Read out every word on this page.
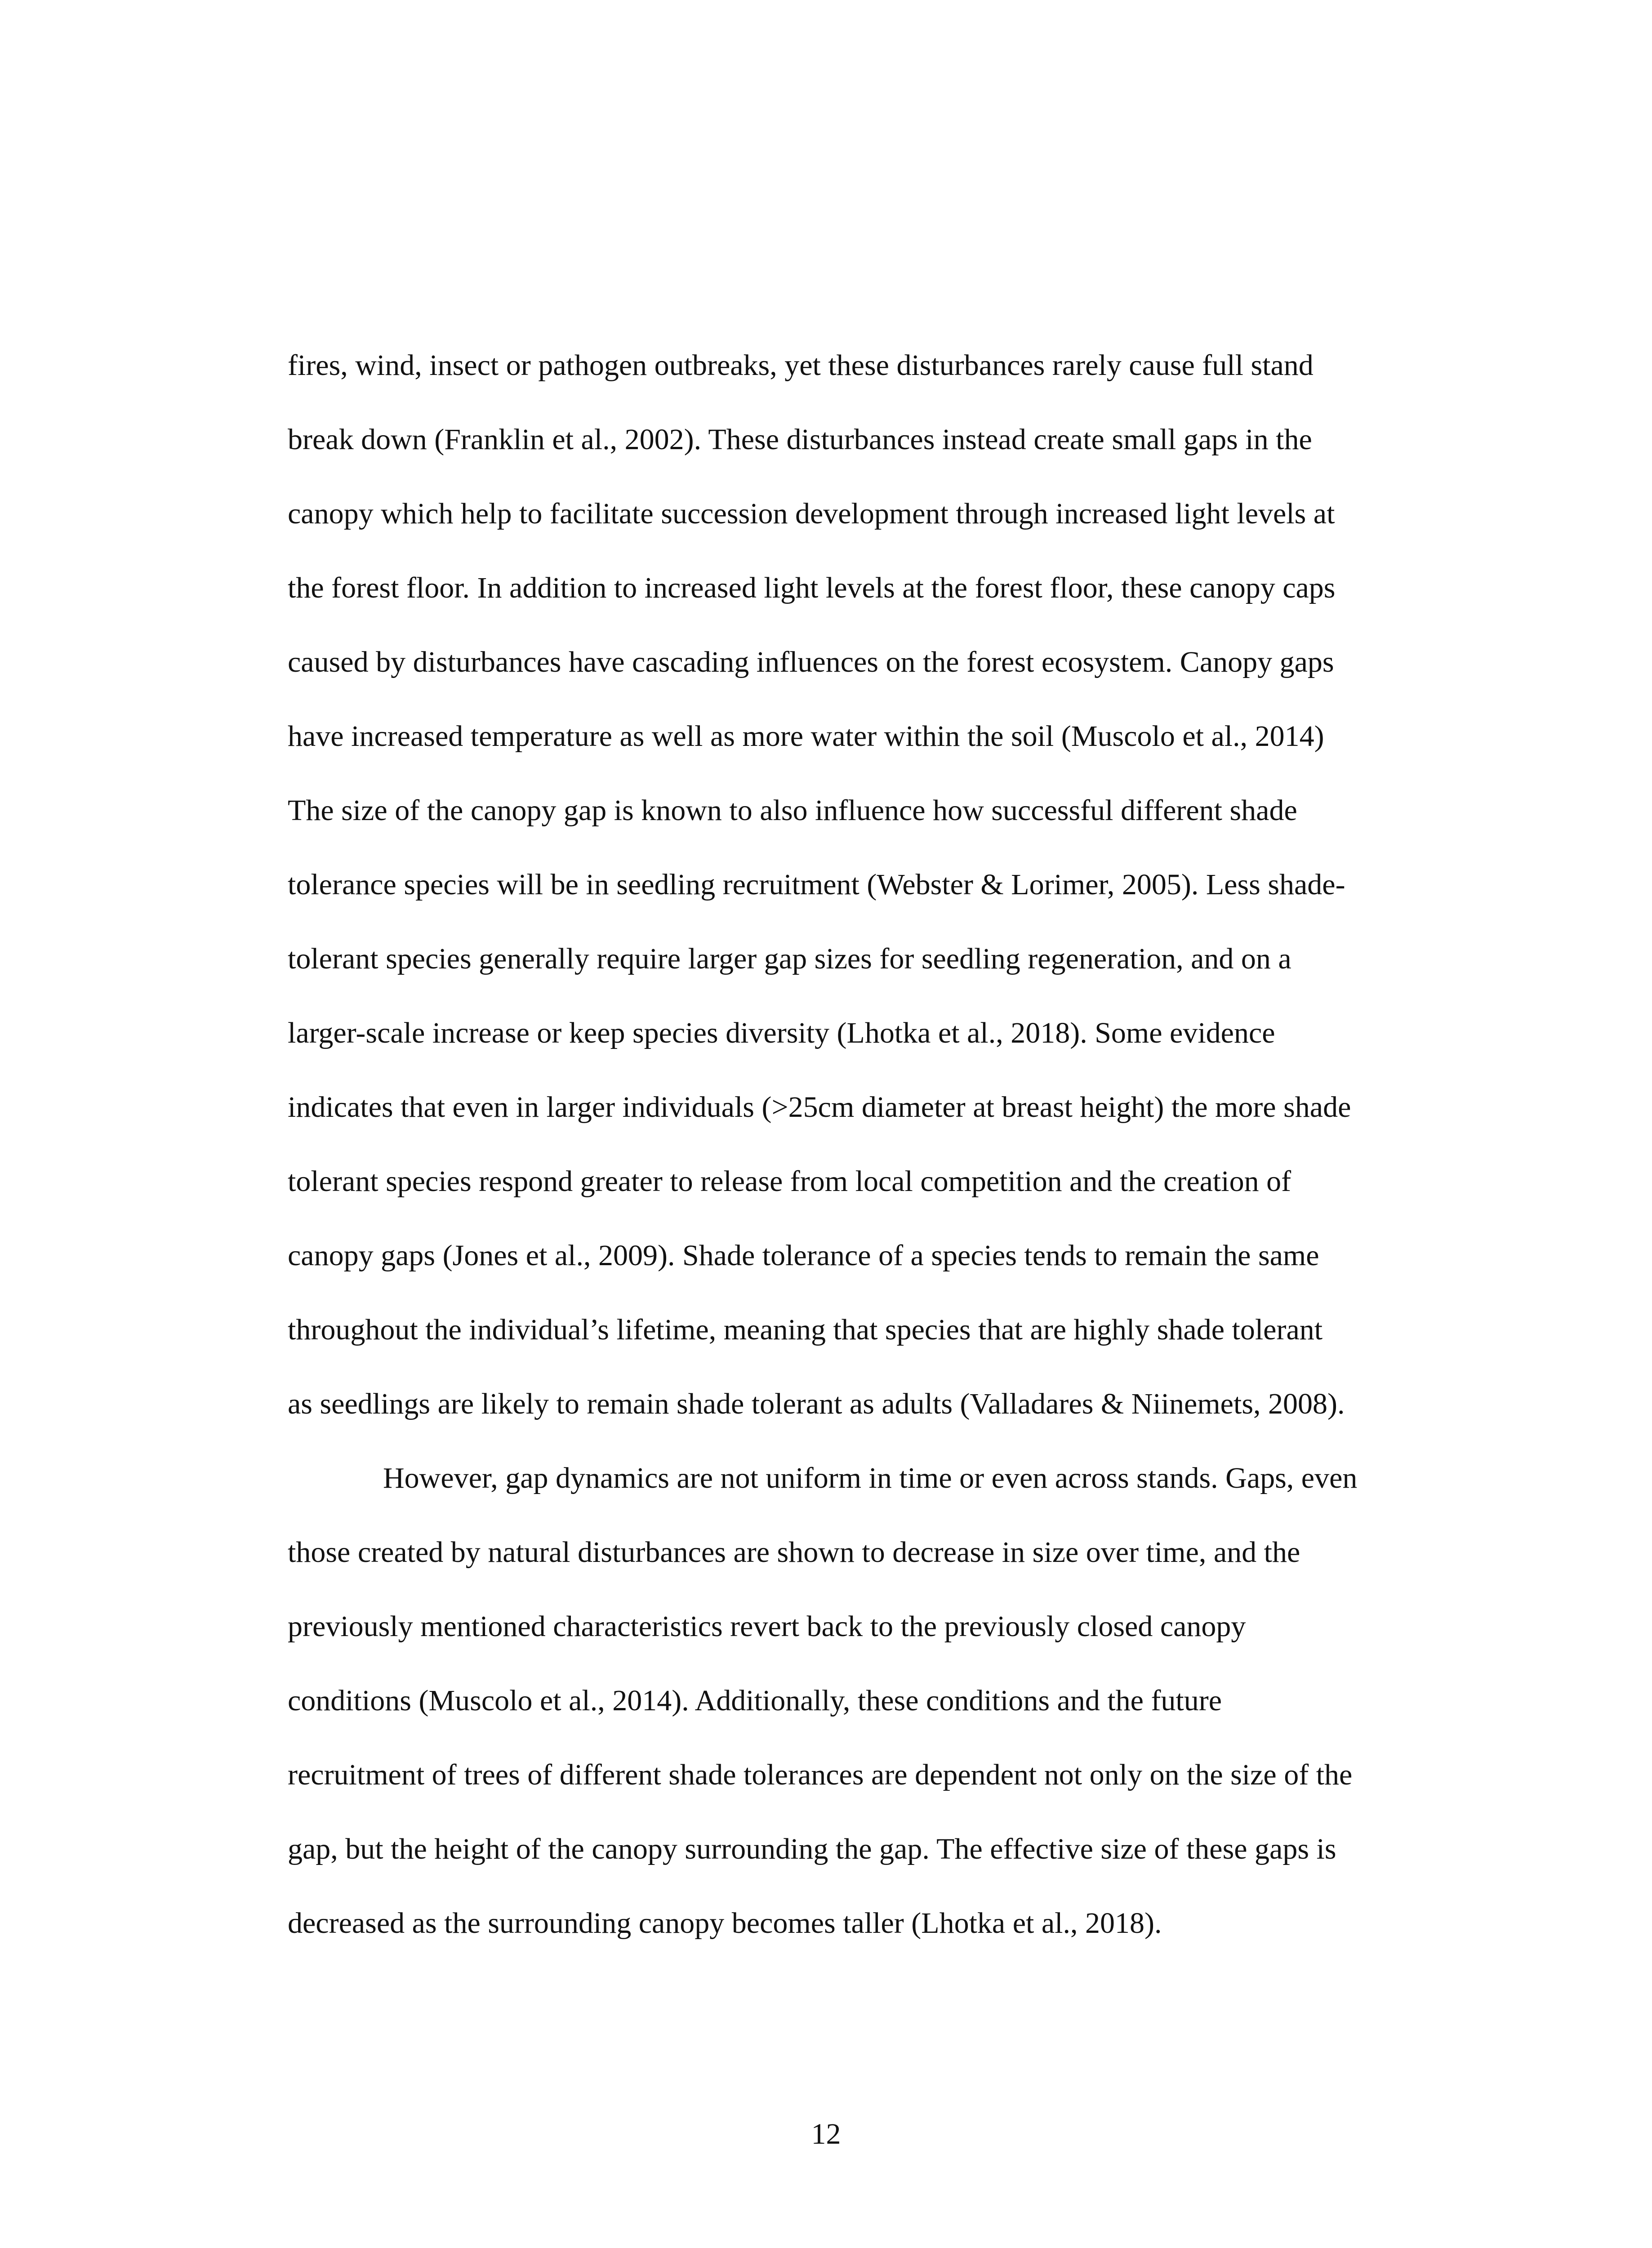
fires, wind, insect or pathogen outbreaks, yet these disturbances rarely cause full stand
break down (Franklin et al., 2002). These disturbances instead create small gaps in the
canopy which help to facilitate succession development through increased light levels at
the forest floor. In addition to increased light levels at the forest floor, these canopy caps
caused by disturbances have cascading influences on the forest ecosystem. Canopy gaps
have increased temperature as well as more water within the soil (Muscolo et al., 2014)
The size of the canopy gap is known to also influence how successful different shade
tolerance species will be in seedling recruitment (Webster & Lorimer, 2005). Less shade-
tolerant species generally require larger gap sizes for seedling regeneration, and on a
larger-scale increase or keep species diversity (Lhotka et al., 2018). Some evidence
indicates that even in larger individuals (>25cm diameter at breast height) the more shade
tolerant species respond greater to release from local competition and the creation of
canopy gaps (Jones et al., 2009). Shade tolerance of a species tends to remain the same
throughout the individual’s lifetime, meaning that species that are highly shade tolerant
as seedlings are likely to remain shade tolerant as adults (Valladares & Niinemets, 2008).
However, gap dynamics are not uniform in time or even across stands. Gaps, even
those created by natural disturbances are shown to decrease in size over time, and the
previously mentioned characteristics revert back to the previously closed canopy
conditions (Muscolo et al., 2014). Additionally, these conditions and the future
recruitment of trees of different shade tolerances are dependent not only on the size of the
gap, but the height of the canopy surrounding the gap. The effective size of these gaps is
decreased as the surrounding canopy becomes taller (Lhotka et al., 2018).
12
